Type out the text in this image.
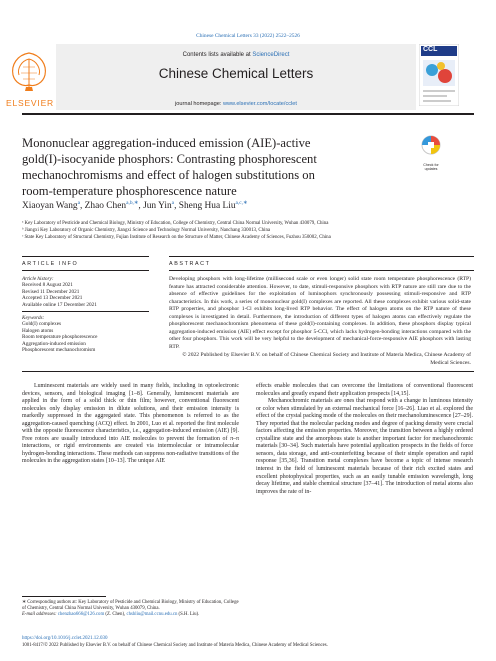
Chinese Chemical Letters 33 (2022) 2522–2526
ELSEVIER
Contents lists available at ScienceDirect
Chinese Chemical Letters
journal homepage: www.elsevier.com/locate/cclet
CCL
Mononuclear aggregation-induced emission (AIE)-active
gold(I)-isocyanide phosphors: Contrasting phosphorescent
mechanochromisms and effect of halogen substitutions on
room-temperature phosphorescence nature
Check for updates
Xiaoyan Wang$^a$, Zhao Chen$^{a,b,∗}$, Jun Yin$^a$, Sheng Hua Liu$^{a,c,∗}$
ᵃ Key Laboratory of Pesticide and Chemical Biology, Ministry of Education, College of Chemistry, Central China Normal University, Wuhan 430079, China
ᵇ Jiangxi Key Laboratory of Organic Chemistry, Jiangxi Science and Technology Normal University, Nanchang 330013, China
ᶜ State Key Laboratory of Structural Chemistry, Fujian Institute of Research on the Structure of Matter, Chinese Academy of Sciences, Fuzhou 350002, China
ARTICLE INFO	ABSTRACT
Article history:
Received 8 August 2021
Revised 11 December 2021
Accepted 13 December 2021
Available online 17 December 2021
Keywords:
Gold(I) complexes
Halogen atoms
Room temperature phosphorescence
Aggregation-induced emission
Phosphorescent mechanochromism
Developing phosphors with long-lifetime (millisecond scale or even longer) solid state room temperature phosphorescence (RTP) feature has attracted considerable attention. However, to date, stimuli-responsive phosphors with RTP nature are still rare due to the absence of effective guidelines for the exploitation of luminophors synchronously possessing stimuli-responsive and RTP characteristics. In this work, a series of mononuclear gold(I) complexes are reported. All these complexes exhibit various solid-state RTP properties, and phosphor 1-Cl exhibits long-lived RTP behavior. The effect of halogen atoms on the RTP nature of these complexes is investigated in detail. Furthermore, the introduction of different types of halogen atoms can effectively regulate the phosphorescent mechanochromism phenomena of these gold(I)-containing complexes. In addition, these phosphors display typical aggregation-induced emission (AIE) effect except for phosphor 5-CCl, which lacks hydrogen-bonding interactions compared with the other four phosphors. This work will be very helpful to the development of mechanical-force-responsive AIE phosphors with lasting RTP.
© 2022 Published by Elsevier B.V. on behalf of Chinese Chemical Society and Institute of Materia Medica, Chinese Academy of Medical Sciences.
Luminescent materials are widely used in many fields, including in optoelectronic devices, sensors, and biological imaging [1–8]. Generally, luminescent materials are applied in the form of a solid thick or thin film; however, conventional fluorescent molecules only display emission in dilute solutions, and their emission intensity is markedly suppressed in the aggregated state. This phenomenon is referred to as the aggregation-caused quenching (ACQ) effect. In 2001, Luo et al. reported the first molecule with the opposite fluorescence characteristics, i.e., aggregation-induced emission (AIE) [9]. Free rotors are usually introduced into AIE molecules to prevent the formation of π–π interactions, or rigid environments are created via intermolecular or intramolecular hydrogen-bonding interactions. These methods can suppress non-radiative transitions of the molecules in the aggregation states [10–13]. The unique AIE

effects enable molecules that can overcome the limitations of conventional fluorescent molecules and greatly expand their application prospects [14,15].

Mechanochromic materials are ones that respond with a change in luminous intensity or color when stimulated by an external mechanical force [16–26]. Liao et al. explored the effect of the crystal packing mode of the molecules on their mechanoluminescence [27–29]. They reported that the molecular packing modes and degree of packing density were crucial factors affecting the emission properties. Moreover, the transition between a highly ordered crystalline state and the amorphous state is another important factor for mechanochromic materials [30–34]. Such materials have potential application prospects in the fields of force sensors, data storage, and anti-counterfeiting because of their simple operation and rapid response [35,36]. Transition metal complexes have become a topic of intense research interest in the field of luminescent materials because of their rich excited states and excellent photophysical properties, such as an easily tunable emission wavelength, long decay lifetime, and stable chemical structure [37–41]. The introduction of metal atoms also improves the rate of in-

∗ Corresponding authors at: Key Laboratory of Pesticide and Chemical Biology, Ministry of Education, College of Chemistry, Central China Normal University, Wuhan 430079, China.
E-mail addresses: chenzhao666@126.com (Z. Chen), chshliu@mail.ccnu.edu.cn (S.H. Liu).
https://doi.org/10.1016/j.cclet.2021.12.030
1001-8417/© 2022 Published by Elsevier B.V. on behalf of Chinese Chemical Society and Institute of Materia Medica, Chinese Academy of Medical Sciences.
